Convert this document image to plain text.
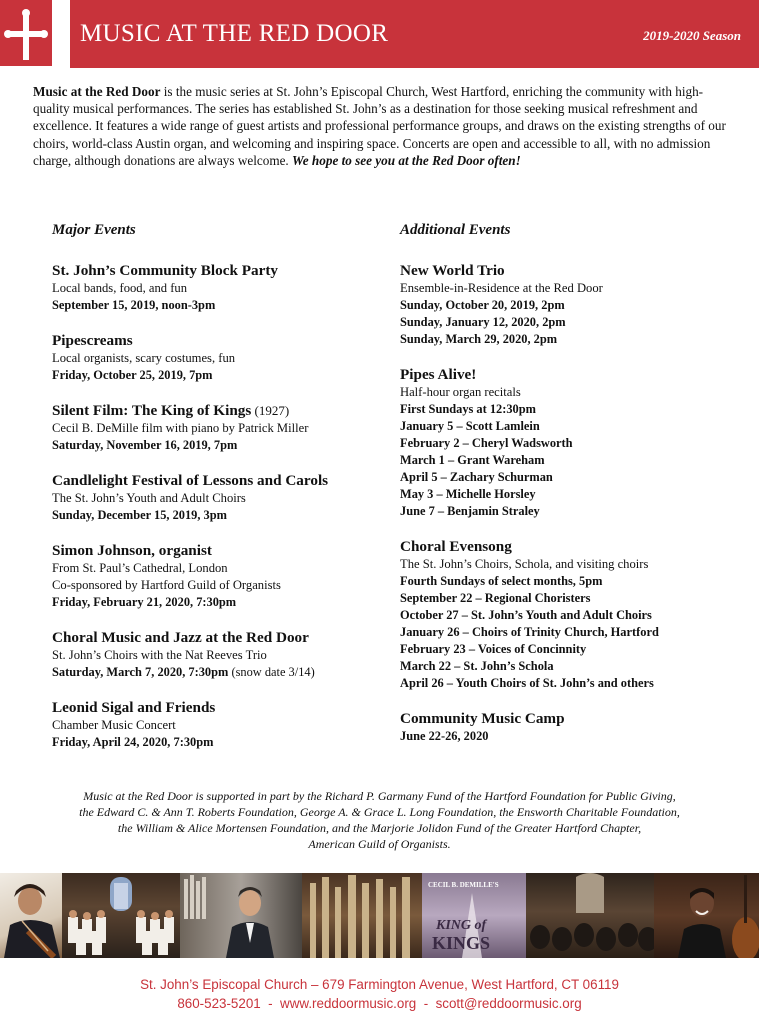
MUSIC AT THE RED DOOR	2019-2020 Season
Music at the Red Door is the music series at St. John’s Episcopal Church, West Hartford, enriching the community with high-quality musical performances. The series has established St. John’s as a destination for those seeking musical refreshment and excellence. It features a wide range of guest artists and professional performance groups, and draws on the existing strengths of our choirs, world-class Austin organ, and welcoming and inspiring space. Concerts are open and accessible to all, with no admission charge, although donations are always welcome. We hope to see you at the Red Door often!
Major Events
St. John’s Community Block Party
Local bands, food, and fun
September 15, 2019, noon-3pm
Pipescreams
Local organists, scary costumes, fun
Friday, October 25, 2019, 7pm
Silent Film: The King of Kings (1927)
Cecil B. DeMille film with piano by Patrick Miller
Saturday, November 16, 2019, 7pm
Candlelight Festival of Lessons and Carols
The St. John’s Youth and Adult Choirs
Sunday, December 15, 2019, 3pm
Simon Johnson, organist
From St. Paul’s Cathedral, London
Co-sponsored by Hartford Guild of Organists
Friday, February 21, 2020, 7:30pm
Choral Music and Jazz at the Red Door
St. John’s Choirs with the Nat Reeves Trio
Saturday, March 7, 2020, 7:30pm (snow date 3/14)
Leonid Sigal and Friends
Chamber Music Concert
Friday, April 24, 2020, 7:30pm
Additional Events
New World Trio
Ensemble-in-Residence at the Red Door
Sunday, October 20, 2019, 2pm
Sunday, January 12, 2020, 2pm
Sunday, March 29, 2020, 2pm
Pipes Alive!
Half-hour organ recitals
First Sundays at 12:30pm
January 5 – Scott Lamlein
February 2 – Cheryl Wadsworth
March 1 – Grant Wareham
April 5 – Zachary Schurman
May 3 – Michelle Horsley
June 7 – Benjamin Straley
Choral Evensong
The St. John’s Choirs, Schola, and visiting choirs
Fourth Sundays of select months, 5pm
September 22 – Regional Choristers
October 27 – St. John’s Youth and Adult Choirs
January 26 – Choirs of Trinity Church, Hartford
February 23 – Voices of Concinnity
March 22 – St. John’s Schola
April 26 – Youth Choirs of St. John’s and others
Community Music Camp
June 22-26, 2020
Music at the Red Door is supported in part by the Richard P. Garmany Fund of the Hartford Foundation for Public Giving,
the Edward C. & Ann T. Roberts Foundation, George A. & Grace L. Long Foundation, the Ensworth Charitable Foundation,
the William & Alice Mortensen Foundation, and the Marjorie Jolidon Fund of the Greater Hartford Chapter,
American Guild of Organists.
CECIL B. DEMILLE'S
KING of
KINGS
St. John’s Episcopal Church – 679 Farmington Avenue, West Hartford, CT 06119
860-523-5201  -  www.reddoormusic.org  -  scott@reddoormusic.org
